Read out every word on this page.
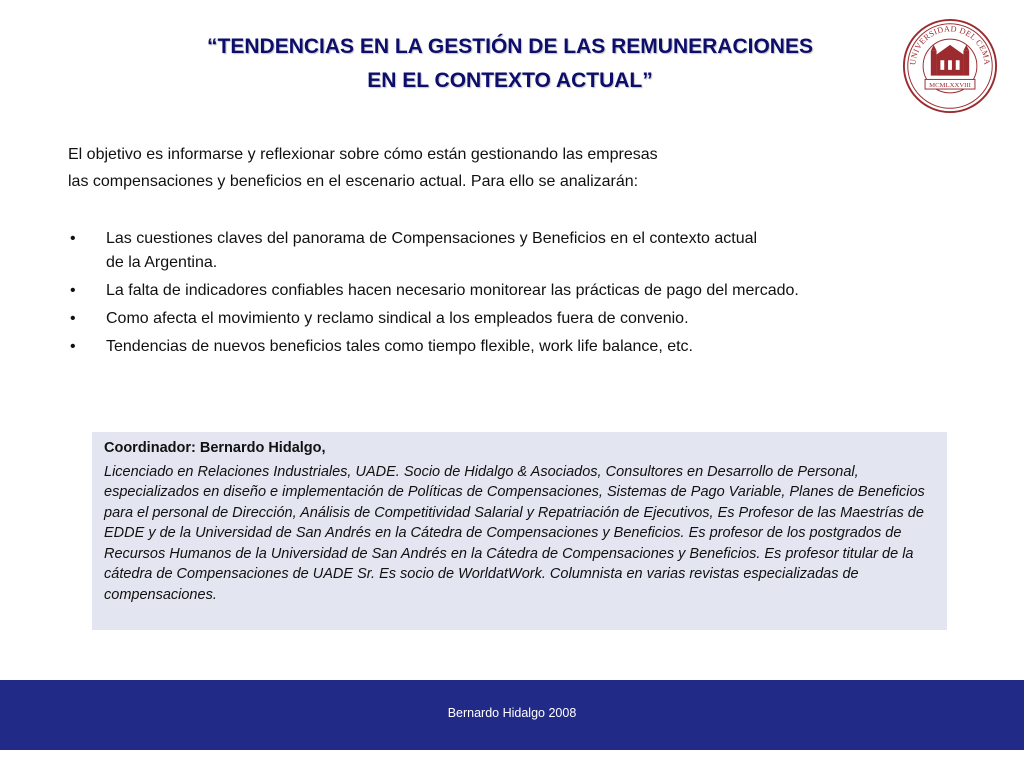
“TENDENCIAS EN LA GESTIÓN DE LAS REMUNERACIONES
EN EL CONTEXTO ACTUAL”
UNIVERSIDAD DEL CEMA
MCMLXXVIII
El objetivo es informarse y reflexionar sobre cómo están gestionando las empresas
las compensaciones y beneficios en el escenario actual. Para ello se analizarán:
• Las cuestiones claves del panorama de Compensaciones y Beneficios en el contexto actual
de la Argentina.
• La falta de indicadores confiables hacen necesario monitorear las prácticas de pago del mercado.
• Como afecta el movimiento y reclamo sindical a los empleados fuera de convenio.
• Tendencias de nuevos beneficios tales como tiempo flexible, work life balance, etc.
Coordinador: Bernardo Hidalgo,
Licenciado en Relaciones Industriales, UADE. Socio de Hidalgo & Asociados, Consultores en Desarrollo de Personal, especializados en diseño e implementación de Políticas de Compensaciones, Sistemas de Pago Variable, Planes de Beneficios para el personal de Dirección, Análisis de Competitividad Salarial y Repatriación de Ejecutivos, Es Profesor de las Maestrías de EDDE y de la Universidad de San Andrés en la Cátedra de Compensaciones y Beneficios. Es profesor de los postgrados de Recursos Humanos de la Universidad de San Andrés en la Cátedra de Compensaciones y Beneficios. Es profesor titular de la cátedra de Compensaciones de UADE Sr. Es socio de WorldatWork. Columnista en varias revistas especializadas de compensaciones.
Bernardo Hidalgo 2008
